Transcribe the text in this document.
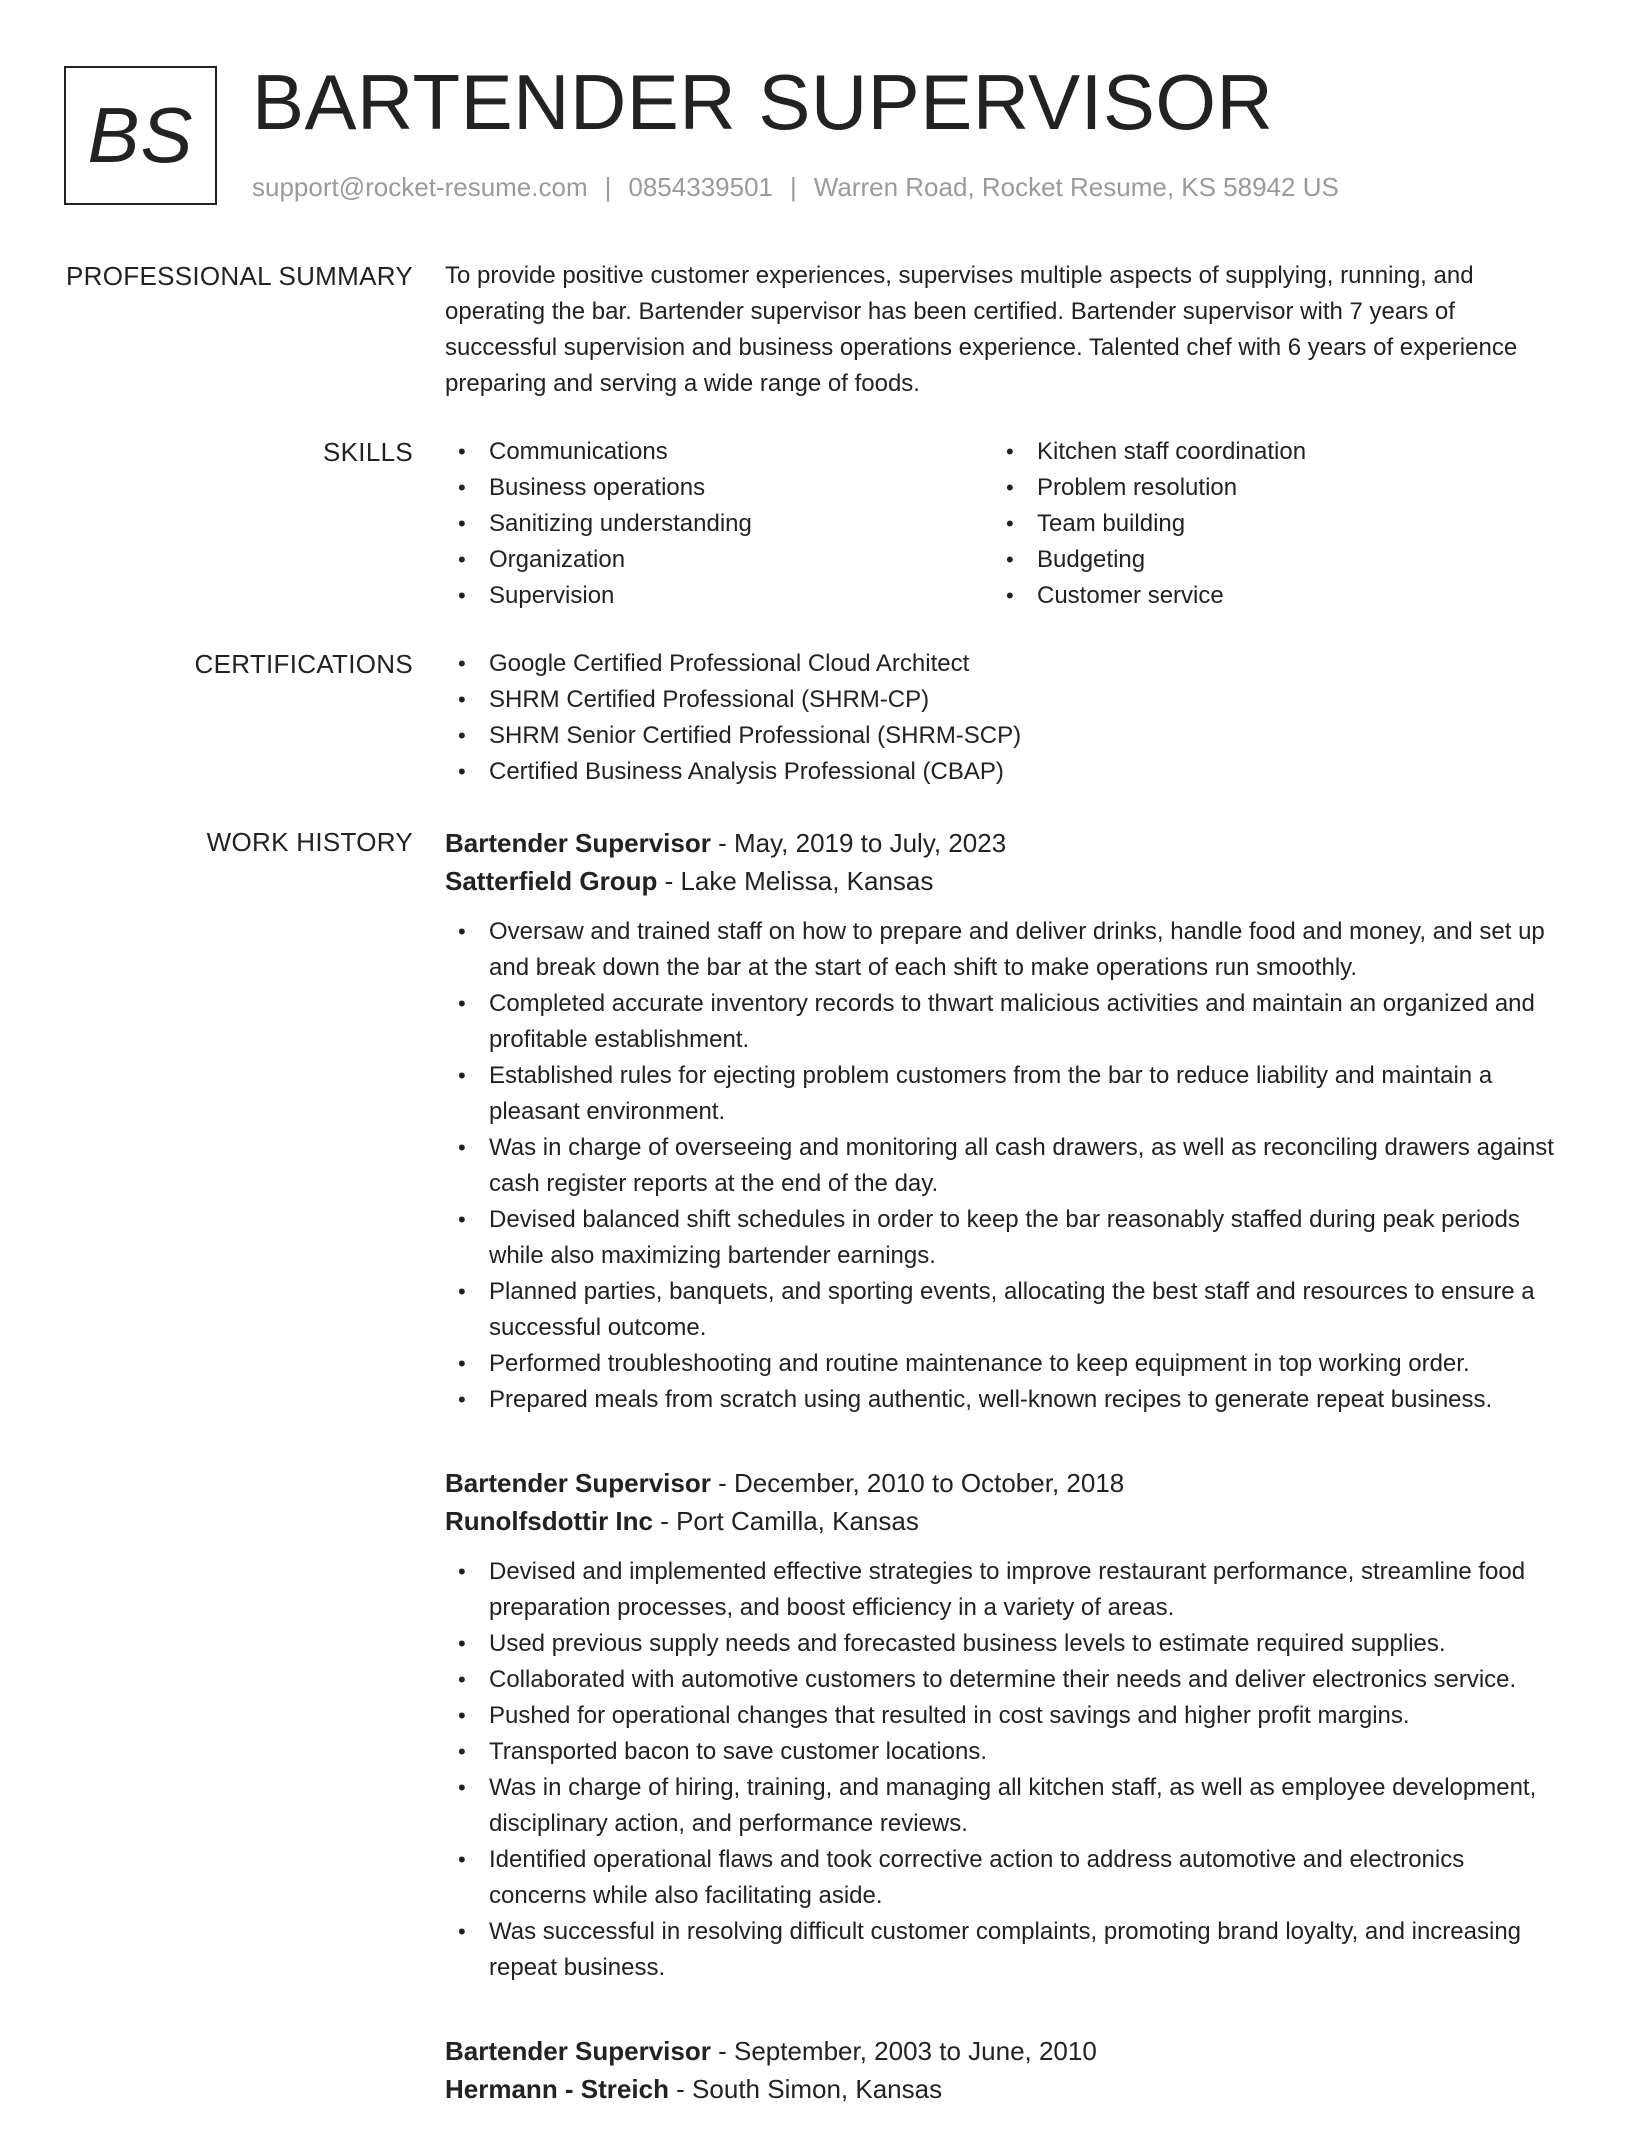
BS BARTENDER SUPERVISOR
support@rocket-resume.com | 0854339501 | Warren Road, Rocket Resume, KS 58942 US
PROFESSIONAL SUMMARY To provide positive customer experiences, supervises multiple aspects of supplying, running, and operating the bar. Bartender supervisor has been certified. Bartender supervisor with 7 years of successful supervision and business operations experience. Talented chef with 6 years of experience preparing and serving a wide range of foods.

SKILLS	• Communications
• Business operations
• Sanitizing understanding
• Organization
• Supervision
• Kitchen staff coordination
• Problem resolution
• Team building
• Budgeting
• Customer service
CERTIFICATIONS	• Google Certified Professional Cloud Architect
• SHRM Certified Professional (SHRM-CP)
• SHRM Senior Certified Professional (SHRM-SCP)
• Certified Business Analysis Professional (CBAP)
WORK HISTORY Bartender Supervisor - May, 2019 to July, 2023
Satterfield Group - Lake Melissa, Kansas
• Oversaw and trained staff on how to prepare and deliver drinks, handle food and money, and set up and break down the bar at the start of each shift to make operations run smoothly.
• Completed accurate inventory records to thwart malicious activities and maintain an organized and profitable establishment.
• Established rules for ejecting problem customers from the bar to reduce liability and maintain a pleasant environment.
• Was in charge of overseeing and monitoring all cash drawers, as well as reconciling drawers against cash register reports at the end of the day.
• Devised balanced shift schedules in order to keep the bar reasonably staffed during peak periods while also maximizing bartender earnings.
• Planned parties, banquets, and sporting events, allocating the best staff and resources to ensure a successful outcome.
• Performed troubleshooting and routine maintenance to keep equipment in top working order.
• Prepared meals from scratch using authentic, well-known recipes to generate repeat business.
Bartender Supervisor - December, 2010 to October, 2018
Runolfsdottir Inc - Port Camilla, Kansas
• Devised and implemented effective strategies to improve restaurant performance, streamline food preparation processes, and boost efficiency in a variety of areas.
• Used previous supply needs and forecasted business levels to estimate required supplies.
• Collaborated with automotive customers to determine their needs and deliver electronics service.
• Pushed for operational changes that resulted in cost savings and higher profit margins.
• Transported bacon to save customer locations.
• Was in charge of hiring, training, and managing all kitchen staff, as well as employee development, disciplinary action, and performance reviews.
• Identified operational flaws and took corrective action to address automotive and electronics concerns while also facilitating aside.
• Was successful in resolving difficult customer complaints, promoting brand loyalty, and increasing repeat business.
Bartender Supervisor - September, 2003 to June, 2010
Hermann - Streich - South Simon, Kansas
